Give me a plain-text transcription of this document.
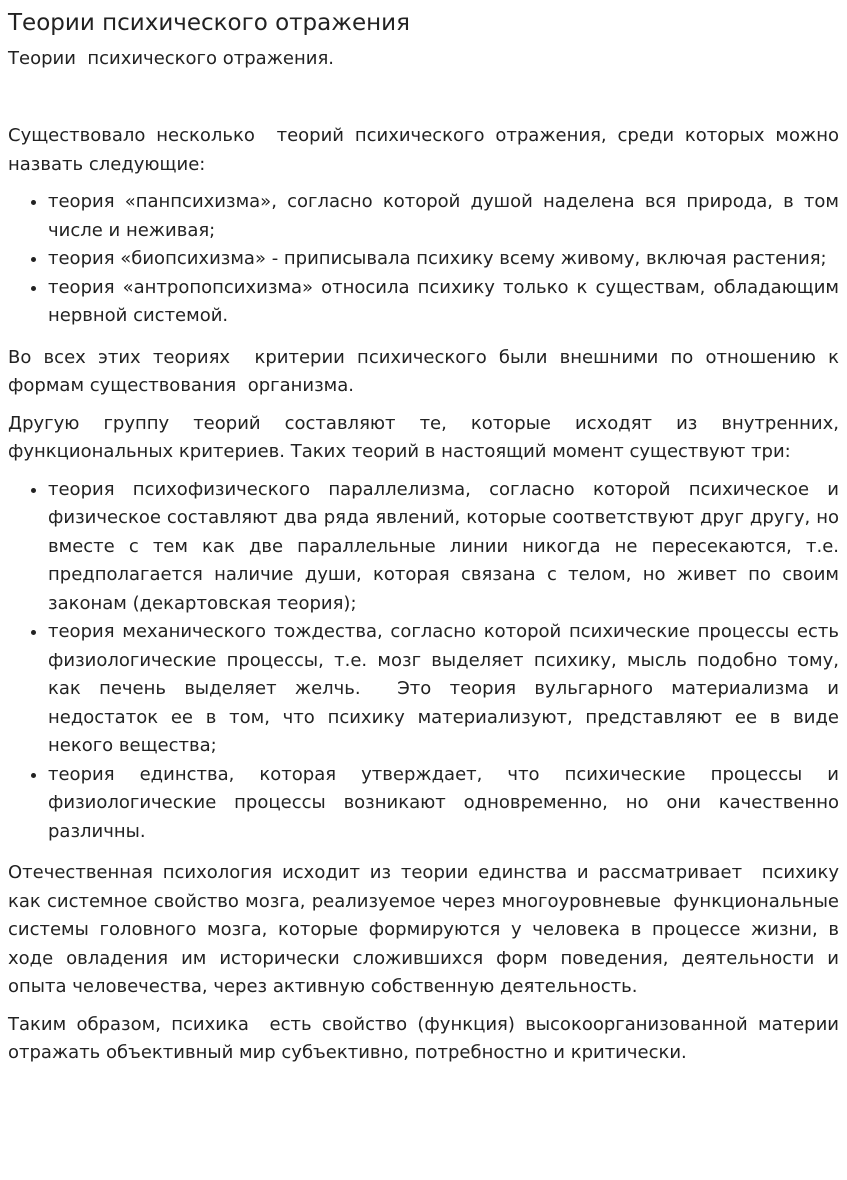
Теории психического отражения

Теории  психического отражения.

Существовало несколько  теорий психического отражения, среди которых можно назвать следующие:

• теория «панпсихизма», согласно которой душой наделена вся природа, в том числе и неживая;
• теория «биопсихизма» - приписывала психику всему живому, включая растения;
• теория «антропопсихизма» относила психику только к существам, обладающим нервной системой.

Во всех этих теориях  критерии психического были внешними по отношению к формам существования  организма.

Другую группу теорий составляют те, которые исходят из внутренних, функциональных критериев. Таких теорий в настоящий момент существуют три:

• теория психофизического параллелизма, согласно которой психическое и физическое составляют два ряда явлений, которые соответствуют друг другу, но вместе с тем как две параллельные линии никогда не пересекаются, т.е. предполагается наличие души, которая связана с телом, но живет по своим законам (декартовская теория);
• теория механического тождества, согласно которой психические процессы есть физиологические процессы, т.е. мозг выделяет психику, мысль подобно тому, как печень выделяет желчь.  Это теория вульгарного материализма и недостаток ее в том, что психику материализуют, представляют ее в виде некого вещества;
• теория единства, которая утверждает, что психические процессы и физиологические процессы возникают одновременно, но они качественно различны.

Отечественная психология исходит из теории единства и рассматривает  психику как системное свойство мозга, реализуемое через многоуровневые  функциональные системы головного мозга, которые формируются у человека в процессе жизни, в ходе овладения им исторически сложившихся форм поведения, деятельности и опыта человечества, через активную собственную деятельность.

Таким образом, психика  есть свойство (функция) высокоорганизованной материи отражать объективный мир субъективно, потребностно и критически.
